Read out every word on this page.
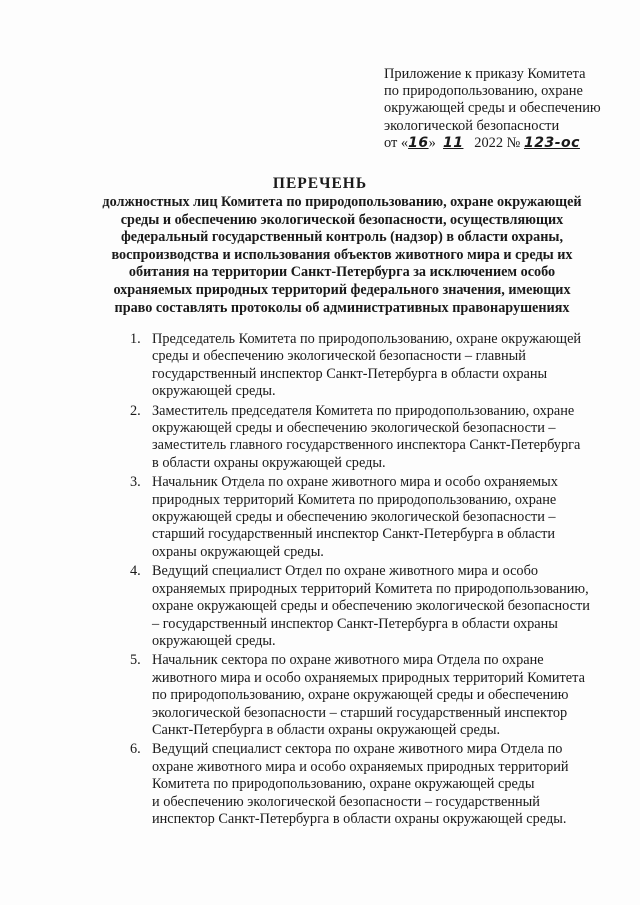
Приложение к приказу Комитета
по природопользованию, охране
окружающей среды и обеспечению
экологической безопасности
от «16» 11 2022 № 123-ос
ПЕРЕЧЕНЬ
должностных лиц Комитета по природопользованию, охране окружающей
среды и обеспечению экологической безопасности, осуществляющих
федеральный государственный контроль (надзор) в области охраны,
воспроизводства и использования объектов животного мира и среды их
обитания на территории Санкт-Петербурга за исключением особо
охраняемых природных территорий федерального значения, имеющих
право составлять протоколы об административных правонарушениях
1. Председатель Комитета по природопользованию, охране окружающей
среды и обеспечению экологической безопасности – главный
государственный инспектор Санкт-Петербурга в области охраны
окружающей среды.
2. Заместитель председателя Комитета по природопользованию, охране
окружающей среды и обеспечению экологической безопасности –
заместитель главного государственного инспектора Санкт-Петербурга
в области охраны окружающей среды.
3. Начальник Отдела по охране животного мира и особо охраняемых
природных территорий Комитета по природопользованию, охране
окружающей среды и обеспечению экологической безопасности –
старший государственный инспектор Санкт-Петербурга в области
охраны окружающей среды.
4. Ведущий специалист Отдел по охране животного мира и особо
охраняемых природных территорий Комитета по природопользованию,
охране окружающей среды и обеспечению экологической безопасности
– государственный инспектор Санкт-Петербурга в области охраны
окружающей среды.
5. Начальник сектора по охране животного мира Отдела по охране
животного мира и особо охраняемых природных территорий Комитета
по природопользованию, охране окружающей среды и обеспечению
экологической безопасности – старший государственный инспектор
Санкт-Петербурга в области охраны окружающей среды.
6. Ведущий специалист сектора по охране животного мира Отдела по
охране животного мира и особо охраняемых природных территорий
Комитета по природопользованию, охране окружающей среды
и обеспечению экологической безопасности – государственный
инспектор Санкт-Петербурга в области охраны окружающей среды.
